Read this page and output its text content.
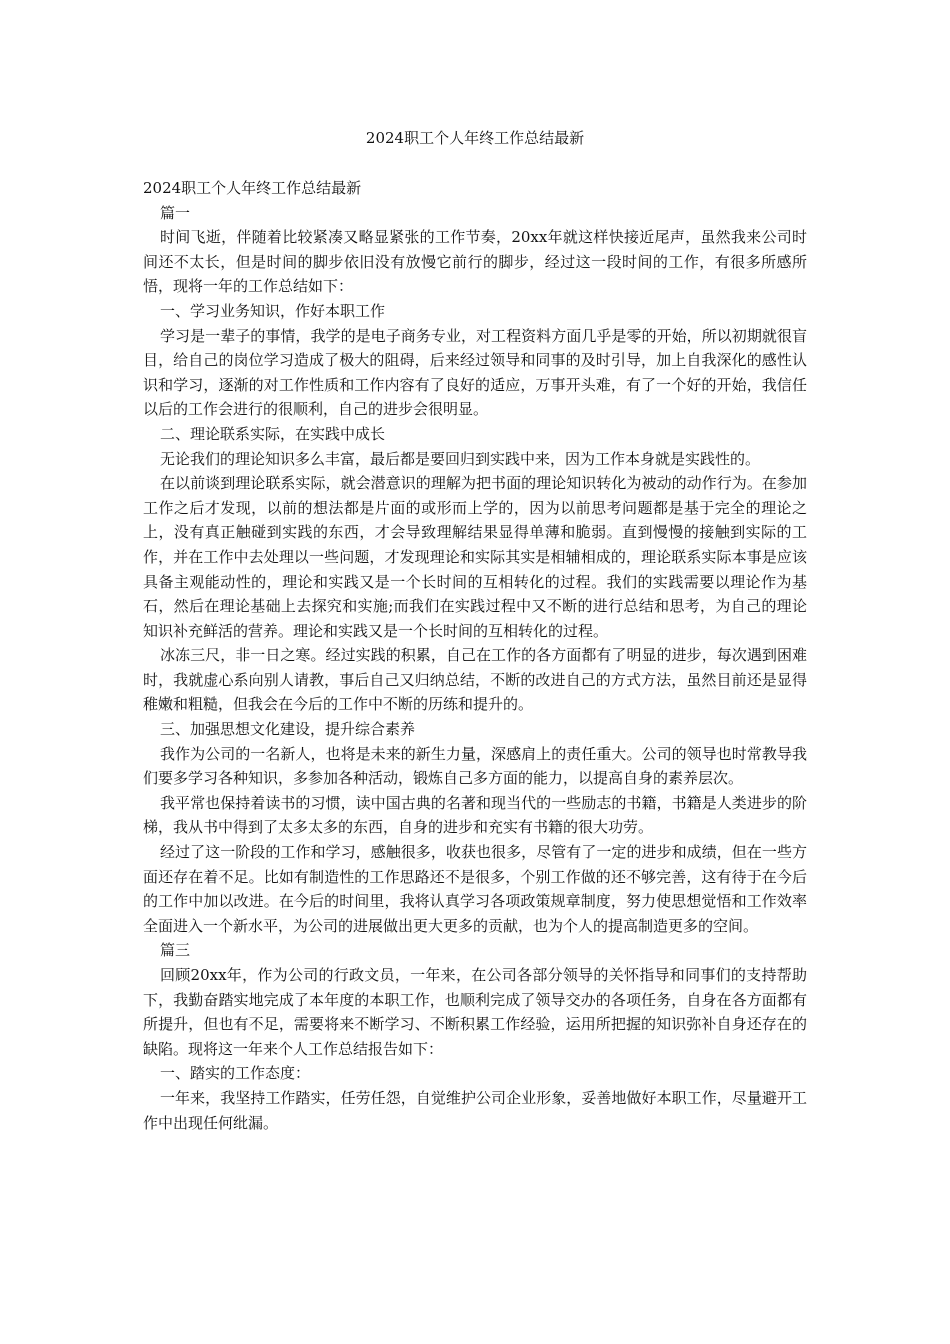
2024职工个人年终工作总结最新

2024职工个人年终工作总结最新

篇一

时间飞逝，伴随着比较紧凑又略显紧张的工作节奏，20xx年就这样快接近尾声，虽然我来公司时间还不太长，但是时间的脚步依旧没有放慢它前行的脚步，经过这一段时间的工作，有很多所感所悟，现将一年的工作总结如下：

一、学习业务知识，作好本职工作

学习是一辈子的事情，我学的是电子商务专业，对工程资料方面几乎是零的开始，所以初期就很盲目，给自己的岗位学习造成了极大的阻碍，后来经过领导和同事的及时引导，加上自我深化的感性认识和学习，逐渐的对工作性质和工作内容有了良好的适应，万事开头难，有了一个好的开始，我信任以后的工作会进行的很顺利，自己的进步会很明显。

二、理论联系实际，在实践中成长

无论我们的理论知识多么丰富，最后都是要回归到实践中来，因为工作本身就是实践性的。

在以前谈到理论联系实际，就会潜意识的理解为把书面的理论知识转化为被动的动作行为。在参加工作之后才发现，以前的想法都是片面的或形而上学的，因为以前思考问题都是基于完全的理论之上，没有真正触碰到实践的东西，才会导致理解结果显得单薄和脆弱。直到慢慢的接触到实际的工作，并在工作中去处理以一些问题，才发现理论和实际其实是相辅相成的，理论联系实际本事是应该具备主观能动性的，理论和实践又是一个长时间的互相转化的过程。我们的实践需要以理论作为基石，然后在理论基础上去探究和实施;而我们在实践过程中又不断的进行总结和思考，为自己的理论知识补充鲜活的营养。理论和实践又是一个长时间的互相转化的过程。

冰冻三尺，非一日之寒。经过实践的积累，自己在工作的各方面都有了明显的进步，每次遇到困难时，我就虚心系向别人请教，事后自己又归纳总结，不断的改进自己的方式方法，虽然目前还是显得稚嫩和粗糙，但我会在今后的工作中不断的历练和提升的。

三、加强思想文化建设，提升综合素养

我作为公司的一名新人，也将是未来的新生力量，深感肩上的责任重大。公司的领导也时常教导我们要多学习各种知识，多参加各种活动，锻炼自己多方面的能力，以提高自身的素养层次。

我平常也保持着读书的习惯，读中国古典的名著和现当代的一些励志的书籍，书籍是人类进步的阶梯，我从书中得到了太多太多的东西，自身的进步和充实有书籍的很大功劳。

经过了这一阶段的工作和学习，感触很多，收获也很多，尽管有了一定的进步和成绩，但在一些方面还存在着不足。比如有制造性的工作思路还不是很多，个别工作做的还不够完善，这有待于在今后的工作中加以改进。在今后的时间里，我将认真学习各项政策规章制度，努力使思想觉悟和工作效率全面进入一个新水平，为公司的进展做出更大更多的贡献，也为个人的提高制造更多的空间。

篇三

回顾20xx年，作为公司的行政文员，一年来，在公司各部分领导的关怀指导和同事们的支持帮助下，我勤奋踏实地完成了本年度的本职工作，也顺利完成了领导交办的各项任务，自身在各方面都有所提升，但也有不足，需要将来不断学习、不断积累工作经验，运用所把握的知识弥补自身还存在的缺陷。现将这一年来个人工作总结报告如下：

一、踏实的工作态度：

一年来，我坚持工作踏实，任劳任怨，自觉维护公司企业形象，妥善地做好本职工作，尽量避开工作中出现任何纰漏。
